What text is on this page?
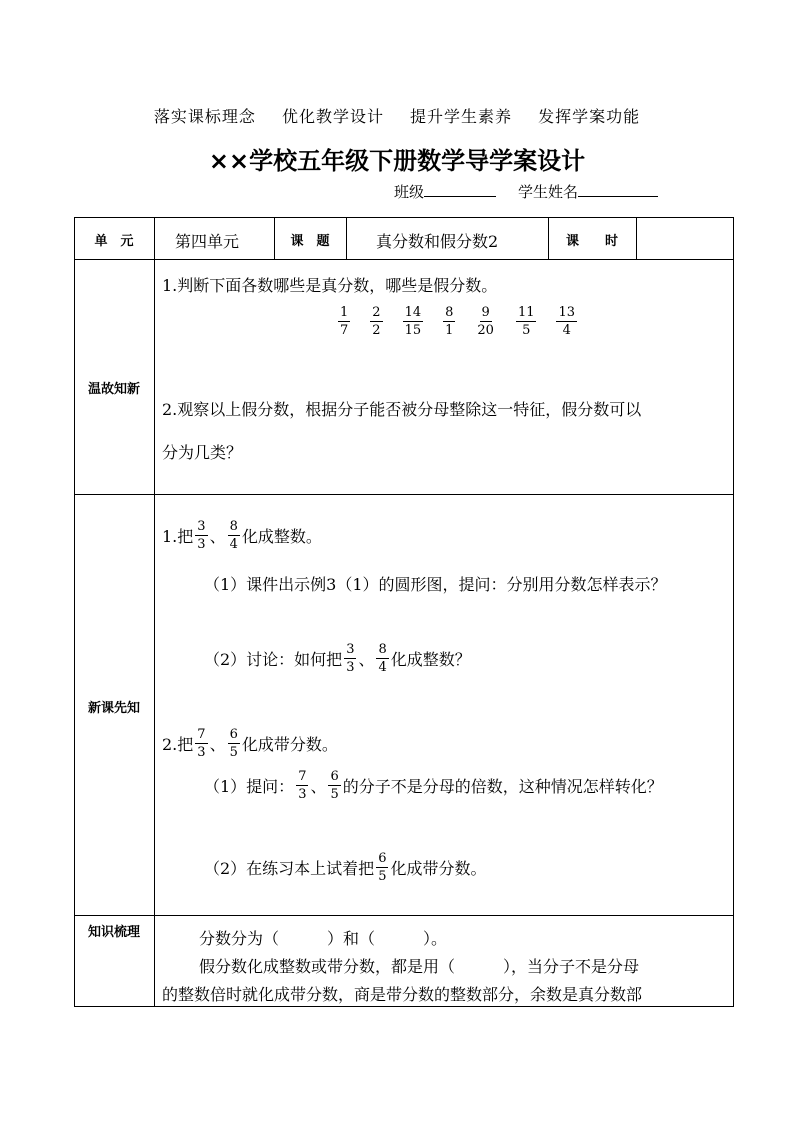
落实课标理念 优化教学设计 提升学生素养 发挥学案功能
××学校五年级下册数学导学案设计
班级	学生姓名
单　元	第四单元	课　题	真分数和假分数2	课　　时
温故知新
1.判断下面各数哪些是真分数，哪些是假分数。
$\frac{1}{7} \frac{2}{2} \frac{14}{15} \frac{8}{1} \frac{9}{20} \frac{11}{5} \frac{13}{4}$
2.观察以上假分数，根据分子能否被分母整除这一特征，假分数可以
分为几类？
新课先知
1.把 $\frac{3}{3}$ 、 $\frac{8}{4}$ 化成整数。
（1）课件出示例3（1）的圆形图，提问：分别用分数怎样表示？
（2）讨论：如何把 $\frac{3}{3}$ 、 $\frac{8}{4}$ 化成整数？
2.把 $\frac{7}{3}$ 、 $\frac{6}{5}$ 化成带分数。
（1）提问： $\frac{7}{3}$ 、 $\frac{6}{5}$ 的分子不是分母的倍数，这种情况怎样转化？
（2）在练习本上试着把 $\frac{6}{5}$ 化成带分数。
知识梳理	分数分为（　　　）和（　　　）。
假分数化成整数或带分数，都是用（　　　），当分子不是分母
的整数倍时就化成带分数，商是带分数的整数部分，余数是真分数部
